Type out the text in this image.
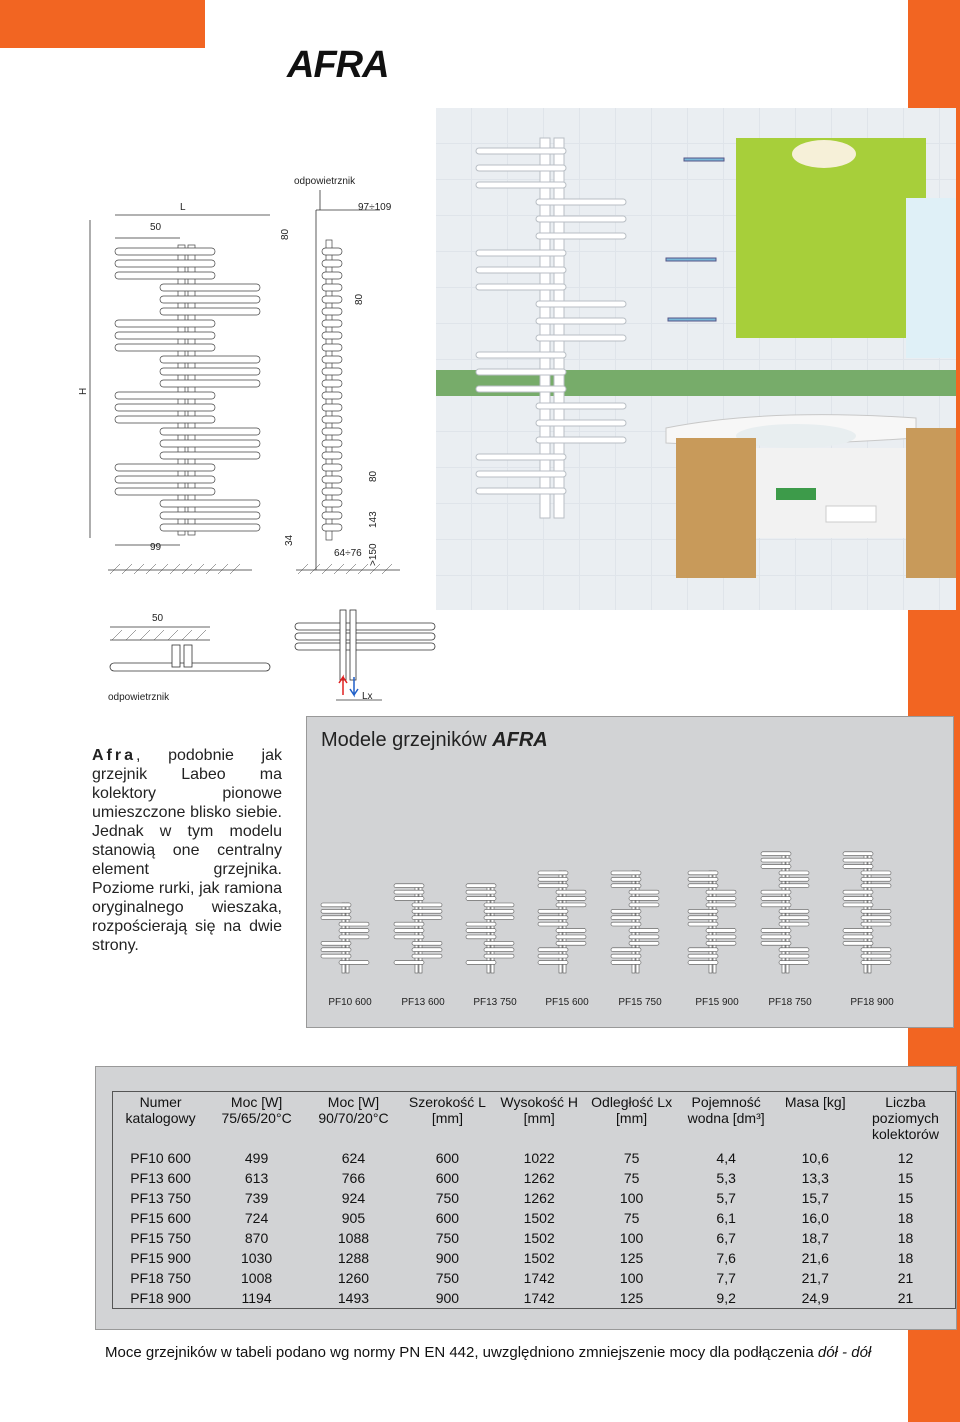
AFRA
50
L	97÷109
odpowietrznik
80
80
H
80
143
99
34
64÷76 >150
50
odpowietrznik	Lx
Afra, podobnie jak grzejnik Labeo ma kolektory pionowe umieszczone blisko siebie. Jednak w tym modelu stanowią one centralny element grzejnika. Poziome rurki, jak ramiona oryginalnego wieszaka, rozpościerają się na dwie strony.
Modele grzejników AFRA
PF10 600	PF13 600	PF13 750	PF15 600	PF15 750	PF15 900	PF18 750	PF18 900
Numer katalogowy	Moc [W] 75/65/20°C	Moc [W] 90/70/20°C	Szerokość L [mm]	Wysokość H [mm]	Odległość Lx [mm]	Pojemność wodna [dm³]	Masa [kg]	Liczba poziomych kolektorów
PF10 600	499	624	600	1022	75	4,4	10,6	12
PF13 600	613	766	600	1262	75	5,3	13,3	15
PF13 750	739	924	750	1262	100	5,7	15,7	15
PF15 600	724	905	600	1502	75	6,1	16,0	18
PF15 750	870	1088	750	1502	100	6,7	18,7	18
PF15 900	1030	1288	900	1502	125	7,6	21,6	18
PF18 750	1008	1260	750	1742	100	7,7	21,7	21
PF18 900	1194	1493	900	1742	125	9,2	24,9	21
Moce grzejników w tabeli podano wg normy PN EN 442, uwzględniono zmniejszenie mocy dla podłączenia dół - dół
